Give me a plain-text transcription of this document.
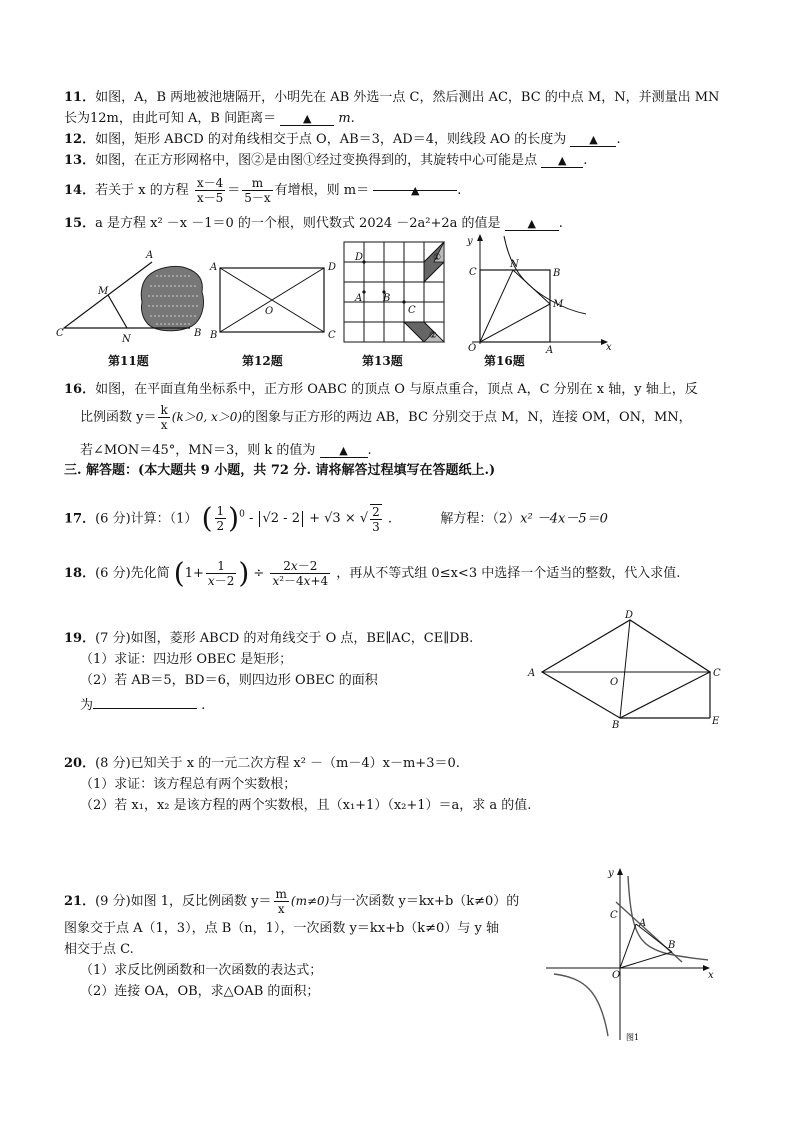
11．如图，A，B 两地被池塘隔开，小明先在 AB 外选一点 C，然后测出 AC，BC 的中点 M，N，并测量出 MN
长为12m，由此可知 A，B 间距离＝ ▲ m.
12．如图，矩形 ABCD 的对角线相交于点 O，AB＝3，AD＝4，则线段 AO 的长度为 ▲ .
13．如图，在正方形网格中，图②是由图①经过变换得到的，其旋转中心可能是点 ▲ .
14．若关于 x 的方程 $\frac{x-4}{x-5} = \frac{m}{5-x}$ 有增根，则 m＝	▲	.
15．a 是方程 x² －x －1＝0 的一个根，则代数式 2024 －2a²+2a 的值是 ▲ .
A
M
C
N
B
第11题
A	D
O
B	C
第12题
D
A B
C
①
②
第13题
y
C
N
B
M
O	A	x
第16题
16．如图，在平面直角坐标系中，正方形 OABC 的顶点 O 与原点重合，顶点 A，C 分别在 x 轴，y 轴上，反
比例函数 $y= \frac{k}{x} (k>0$, x＞0)的图象与正方形的两边 AB，BC 分别交于点 M，N，连接 OM，ON，MN，
若∠MON＝45°，MN＝3，则 k 的值为 ▲ .
三. 解答题：(本大题共 9 小题，共 72 分. 请将解答过程填写在答题纸上.)
17．(6 分)计算：（1） ( $\frac{1}{2} )^0 - √2 - 2 + √3$ × √ $\frac{2}{3}$ .	解方程：（2）x² －4x－5＝0
18．(6 分)先化简 ($1+ \frac{1}{x-2}$ ) ÷ $\frac{2x-2}{\text{x²－4x+4}}$ ，再从不等式组 0≤x<3 中选择一个适当的整数，代入求值.
19．(7 分)如图，菱形 ABCD 的对角线交于 O 点，BE∥AC，CE∥DB.
（1）求证：四边形 OBEC 是矩形；
（2）若 AB＝5，BD＝6，则四边形 OBEC 的面积
为	.
D
A
O
C
B	E
20．(8 分)已知关于 x 的一元二次方程 x² －（m－4）x－m+3＝0.
（1）求证：该方程总有两个实数根；
（2）若 x₁，x₂ 是该方程的两个实数根，且（x₁+1）（x₂+1）＝a，求 a 的值.
21．(9 分)如图 1，反比例函数 $y= \frac{m}{x} (m\ne 0)$与一次函数 y＝kx+b（k≠0）的
图象交于点 A（1，3），点 B（n，1），一次函数 y＝kx+b（k≠0）与 y 轴
相交于点 C.
（1）求反比例函数和一次函数的表达式；
（2）连接 OA，OB，求△OAB 的面积；
y
C
A
B
O	x
图1
